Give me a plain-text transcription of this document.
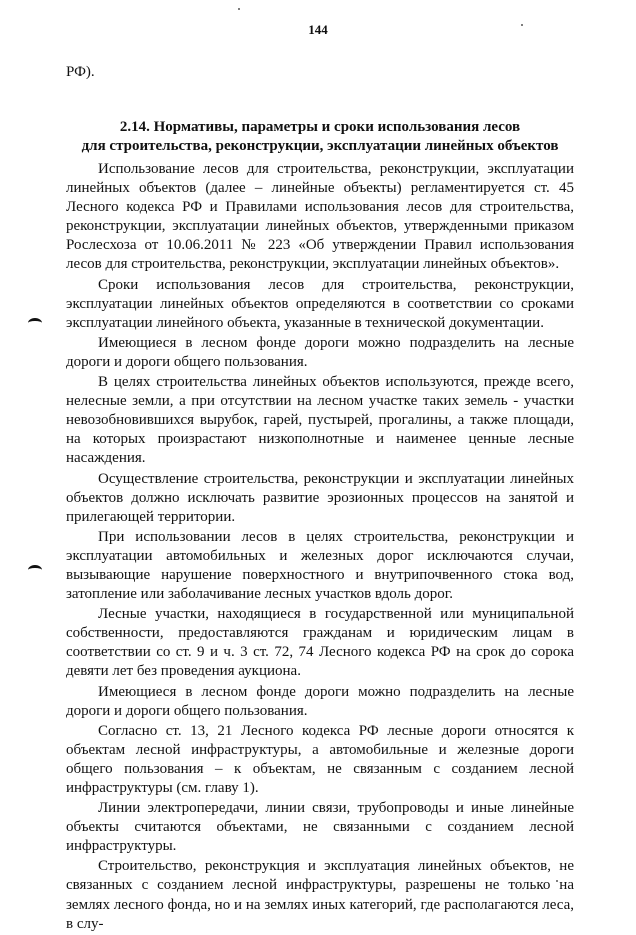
144
РФ).
2.14. Нормативы, параметры и сроки использования лесов
для строительства, реконструкции, эксплуатации линейных объектов

Использование лесов для строительства, реконструкции, эксплуатации линейных объектов (далее – линейные объекты) регламентируется ст. 45 Лесного кодекса РФ и Правилами использования лесов для строительства, реконструкции, эксплуатации линейных объектов, утвержденными приказом Рослесхоза от 10.06.2011 № 223 «Об утверждении Правил использования лесов для строительства, реконструкции, эксплуатации линейных объектов».

Сроки использования лесов для строительства, реконструкции, эксплуатации линейных объектов определяются в соответствии со сроками эксплуатации линейного объекта, указанные в технической документации.

Имеющиеся в лесном фонде дороги можно подразделить на лесные дороги и дороги общего пользования.

В целях строительства линейных объектов используются, прежде всего, нелесные земли, а при отсутствии на лесном участке таких земель - участки невозобновившихся вырубок, гарей, пустырей, прогалины, а также площади, на которых произрастают низкополнотные и наименее ценные лесные насаждения.

Осуществление строительства, реконструкции и эксплуатации линейных объектов должно исключать развитие эрозионных процессов на занятой и прилегающей территории.

При использовании лесов в целях строительства, реконструкции и эксплуатации автомобильных и железных дорог исключаются случаи, вызывающие нарушение поверхностного и внутрипочвенного стока вод, затопление или заболачивание лесных участков вдоль дорог.

Лесные участки, находящиеся в государственной или муниципальной собственности, предоставляются гражданам и юридическим лицам в соответствии со ст. 9 и ч. 3 ст. 72, 74 Лесного кодекса РФ на срок до сорока девяти лет без проведения аукциона.

Имеющиеся в лесном фонде дороги можно подразделить на лесные дороги и дороги общего пользования.

Согласно ст. 13, 21 Лесного кодекса РФ лесные дороги относятся к объектам лесной инфраструктуры, а автомобильные и железные дороги общего пользования – к объектам, не связанным с созданием лесной инфраструктуры (см. главу 1).

Линии электропередачи, линии связи, трубопроводы и иные линейные объекты считаются объектами, не связанными с созданием лесной инфраструктуры.

Строительство, реконструкция и эксплуатация линейных объектов, не связанных с созданием лесной инфраструктуры, разрешены не только на землях лесного фонда, но и на землях иных категорий, где располагаются леса, в слу-
